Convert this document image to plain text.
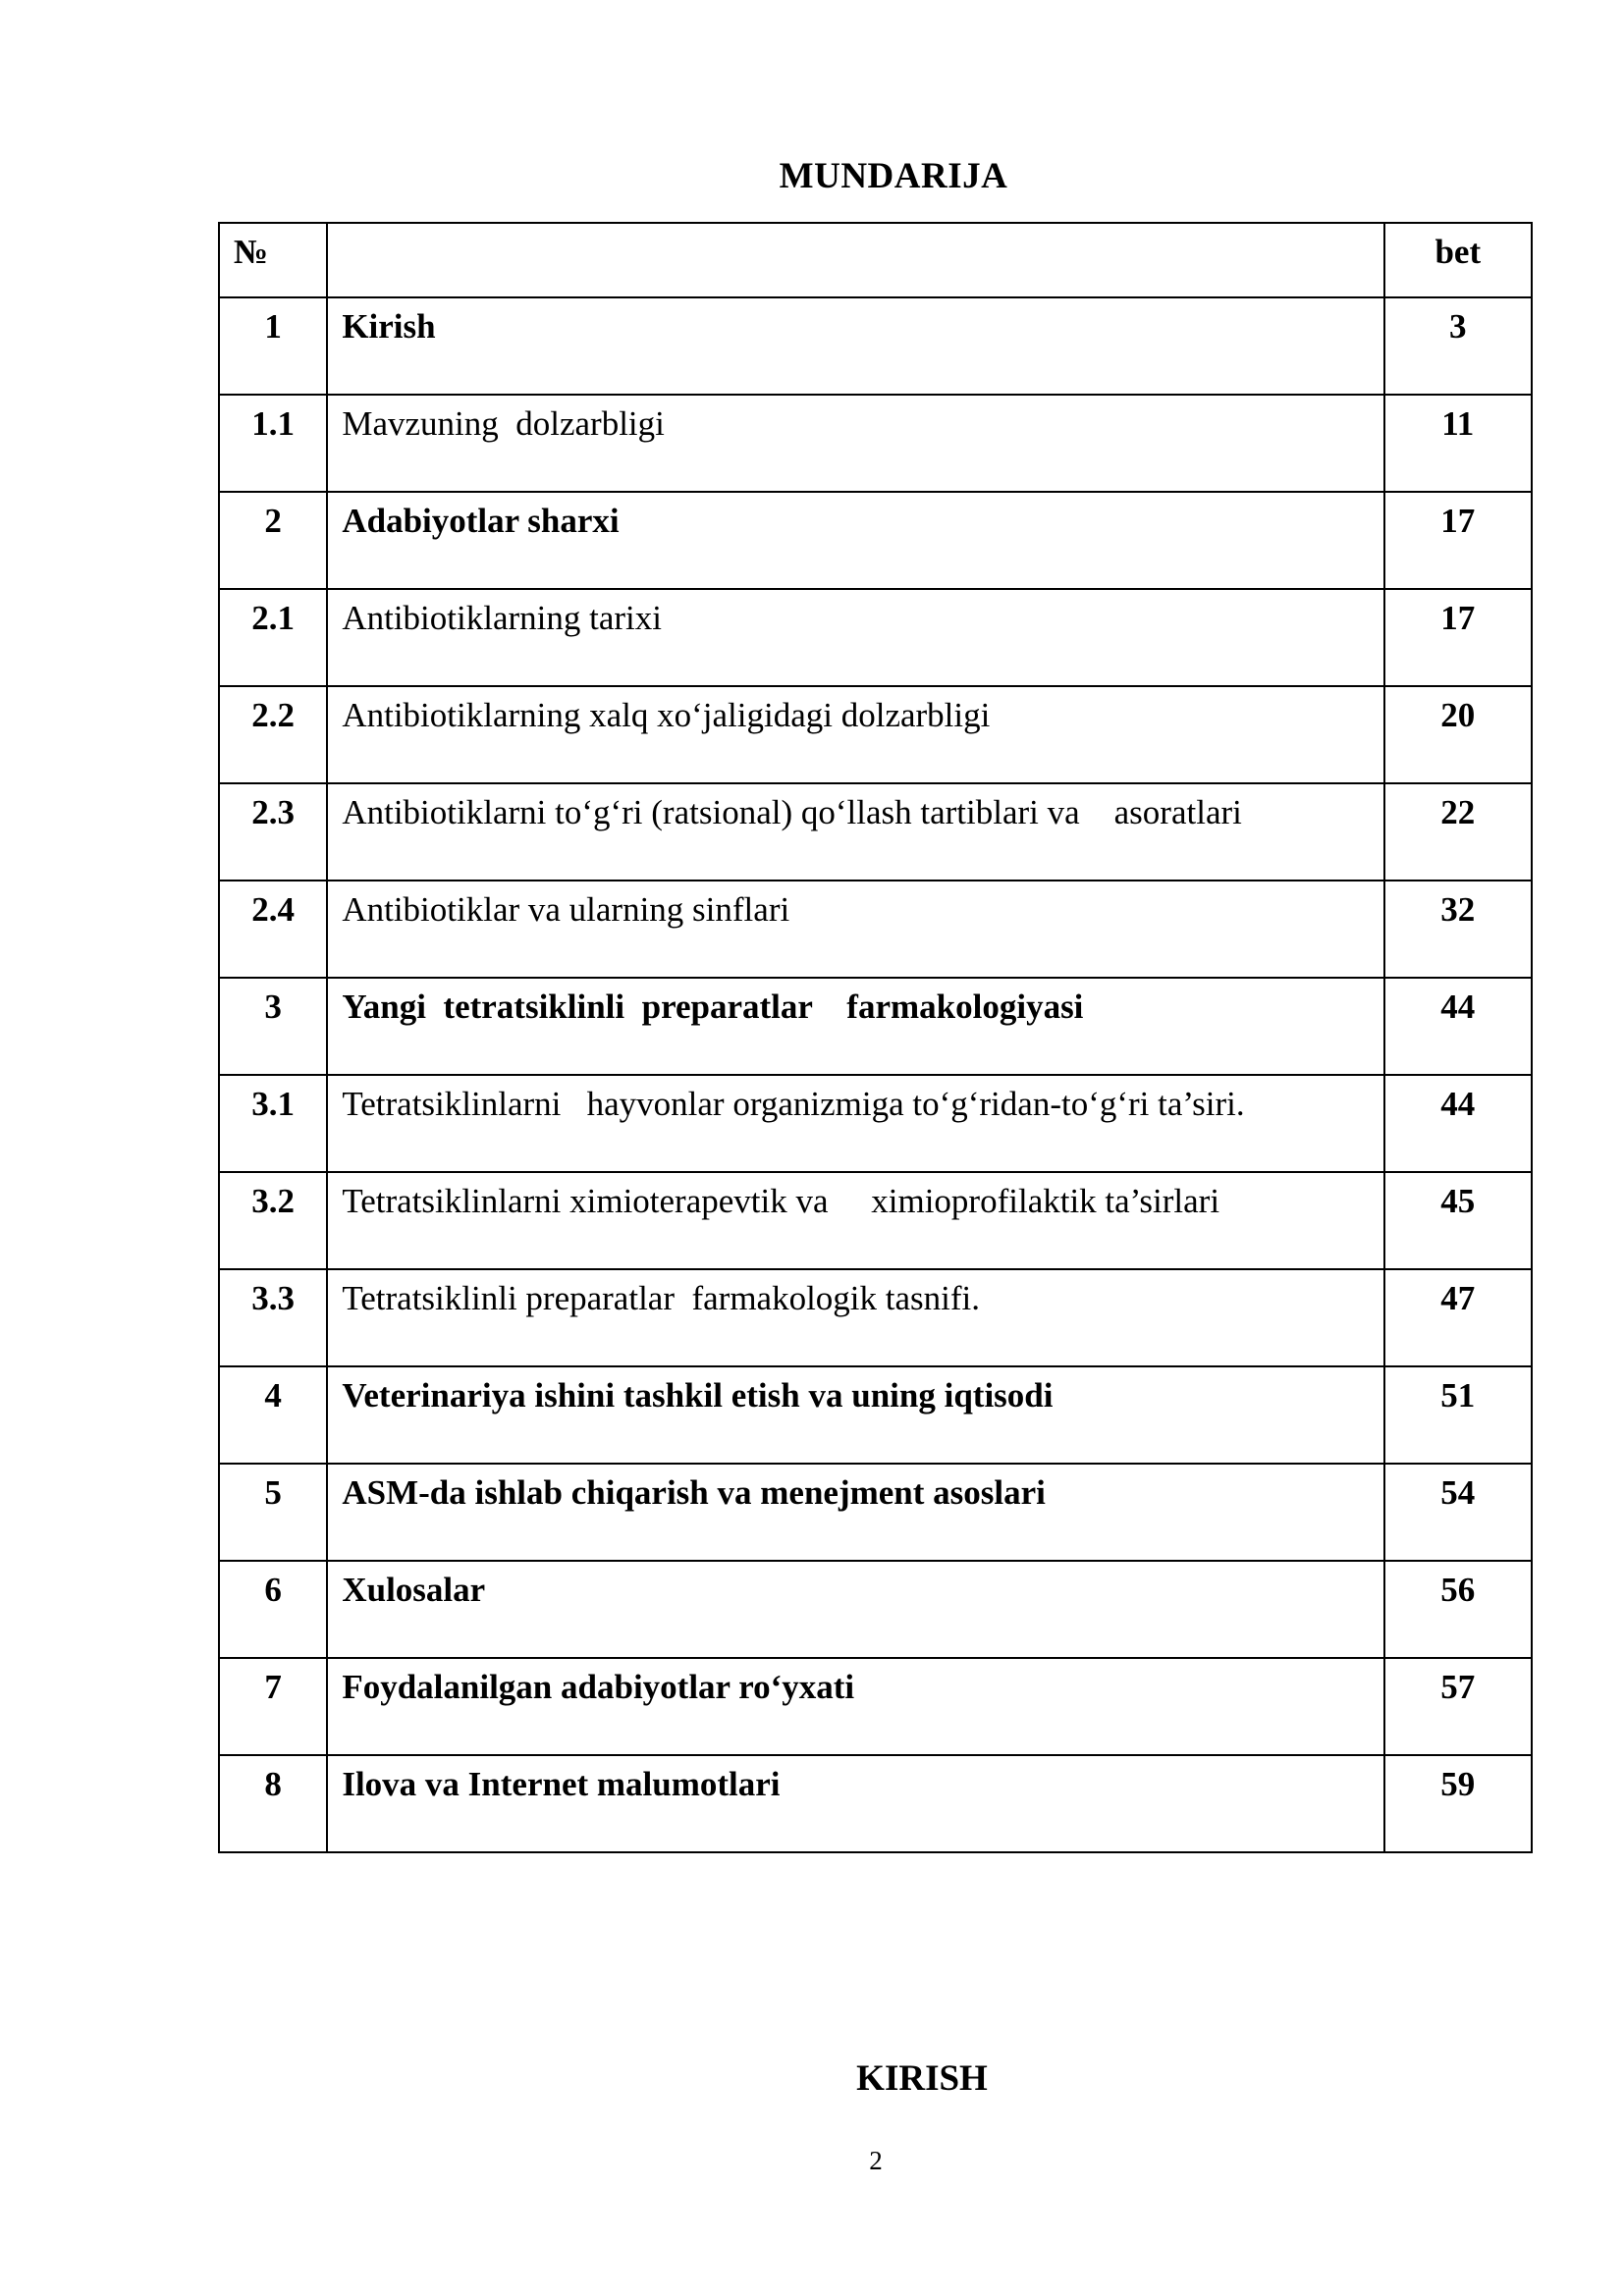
MUNDARIJA
№		bet
1	Kirish	3
1.1	Mavzuning  dolzarbligi	11
2	Adabiyotlar sharxi	17
2.1	Antibiotiklarning tarixi	17
2.2	Antibiotiklarning xalq xo‘jaligidagi dolzarbligi	20
2.3	Antibiotiklarni to‘g‘ri (ratsional) qo‘llash tartiblari va    asoratlari	22
2.4	Antibiotiklar va ularning sinflari	32
3	Yangi  tetratsiklinli  preparatlar    farmakologiyasi	44
3.1	Tetratsiklinlarni   hayvonlar organizmiga to‘g‘ridan-to‘g‘ri ta’siri.	44
3.2	Tetratsiklinlarni ximioterapevtik va     ximioprofilaktik ta’sirlari	45
3.3	Tetratsiklinli preparatlar  farmakologik tasnifi.	47
4	Veterinariya ishini tashkil etish va uning iqtisodi	51
5	ASM-da ishlab chiqarish va menejment asoslari	54
6	Xulosalar	56
7	Foydalanilgan adabiyotlar ro‘yxati	57
8	Ilova va Internet malumotlari	59
KIRISH
2
